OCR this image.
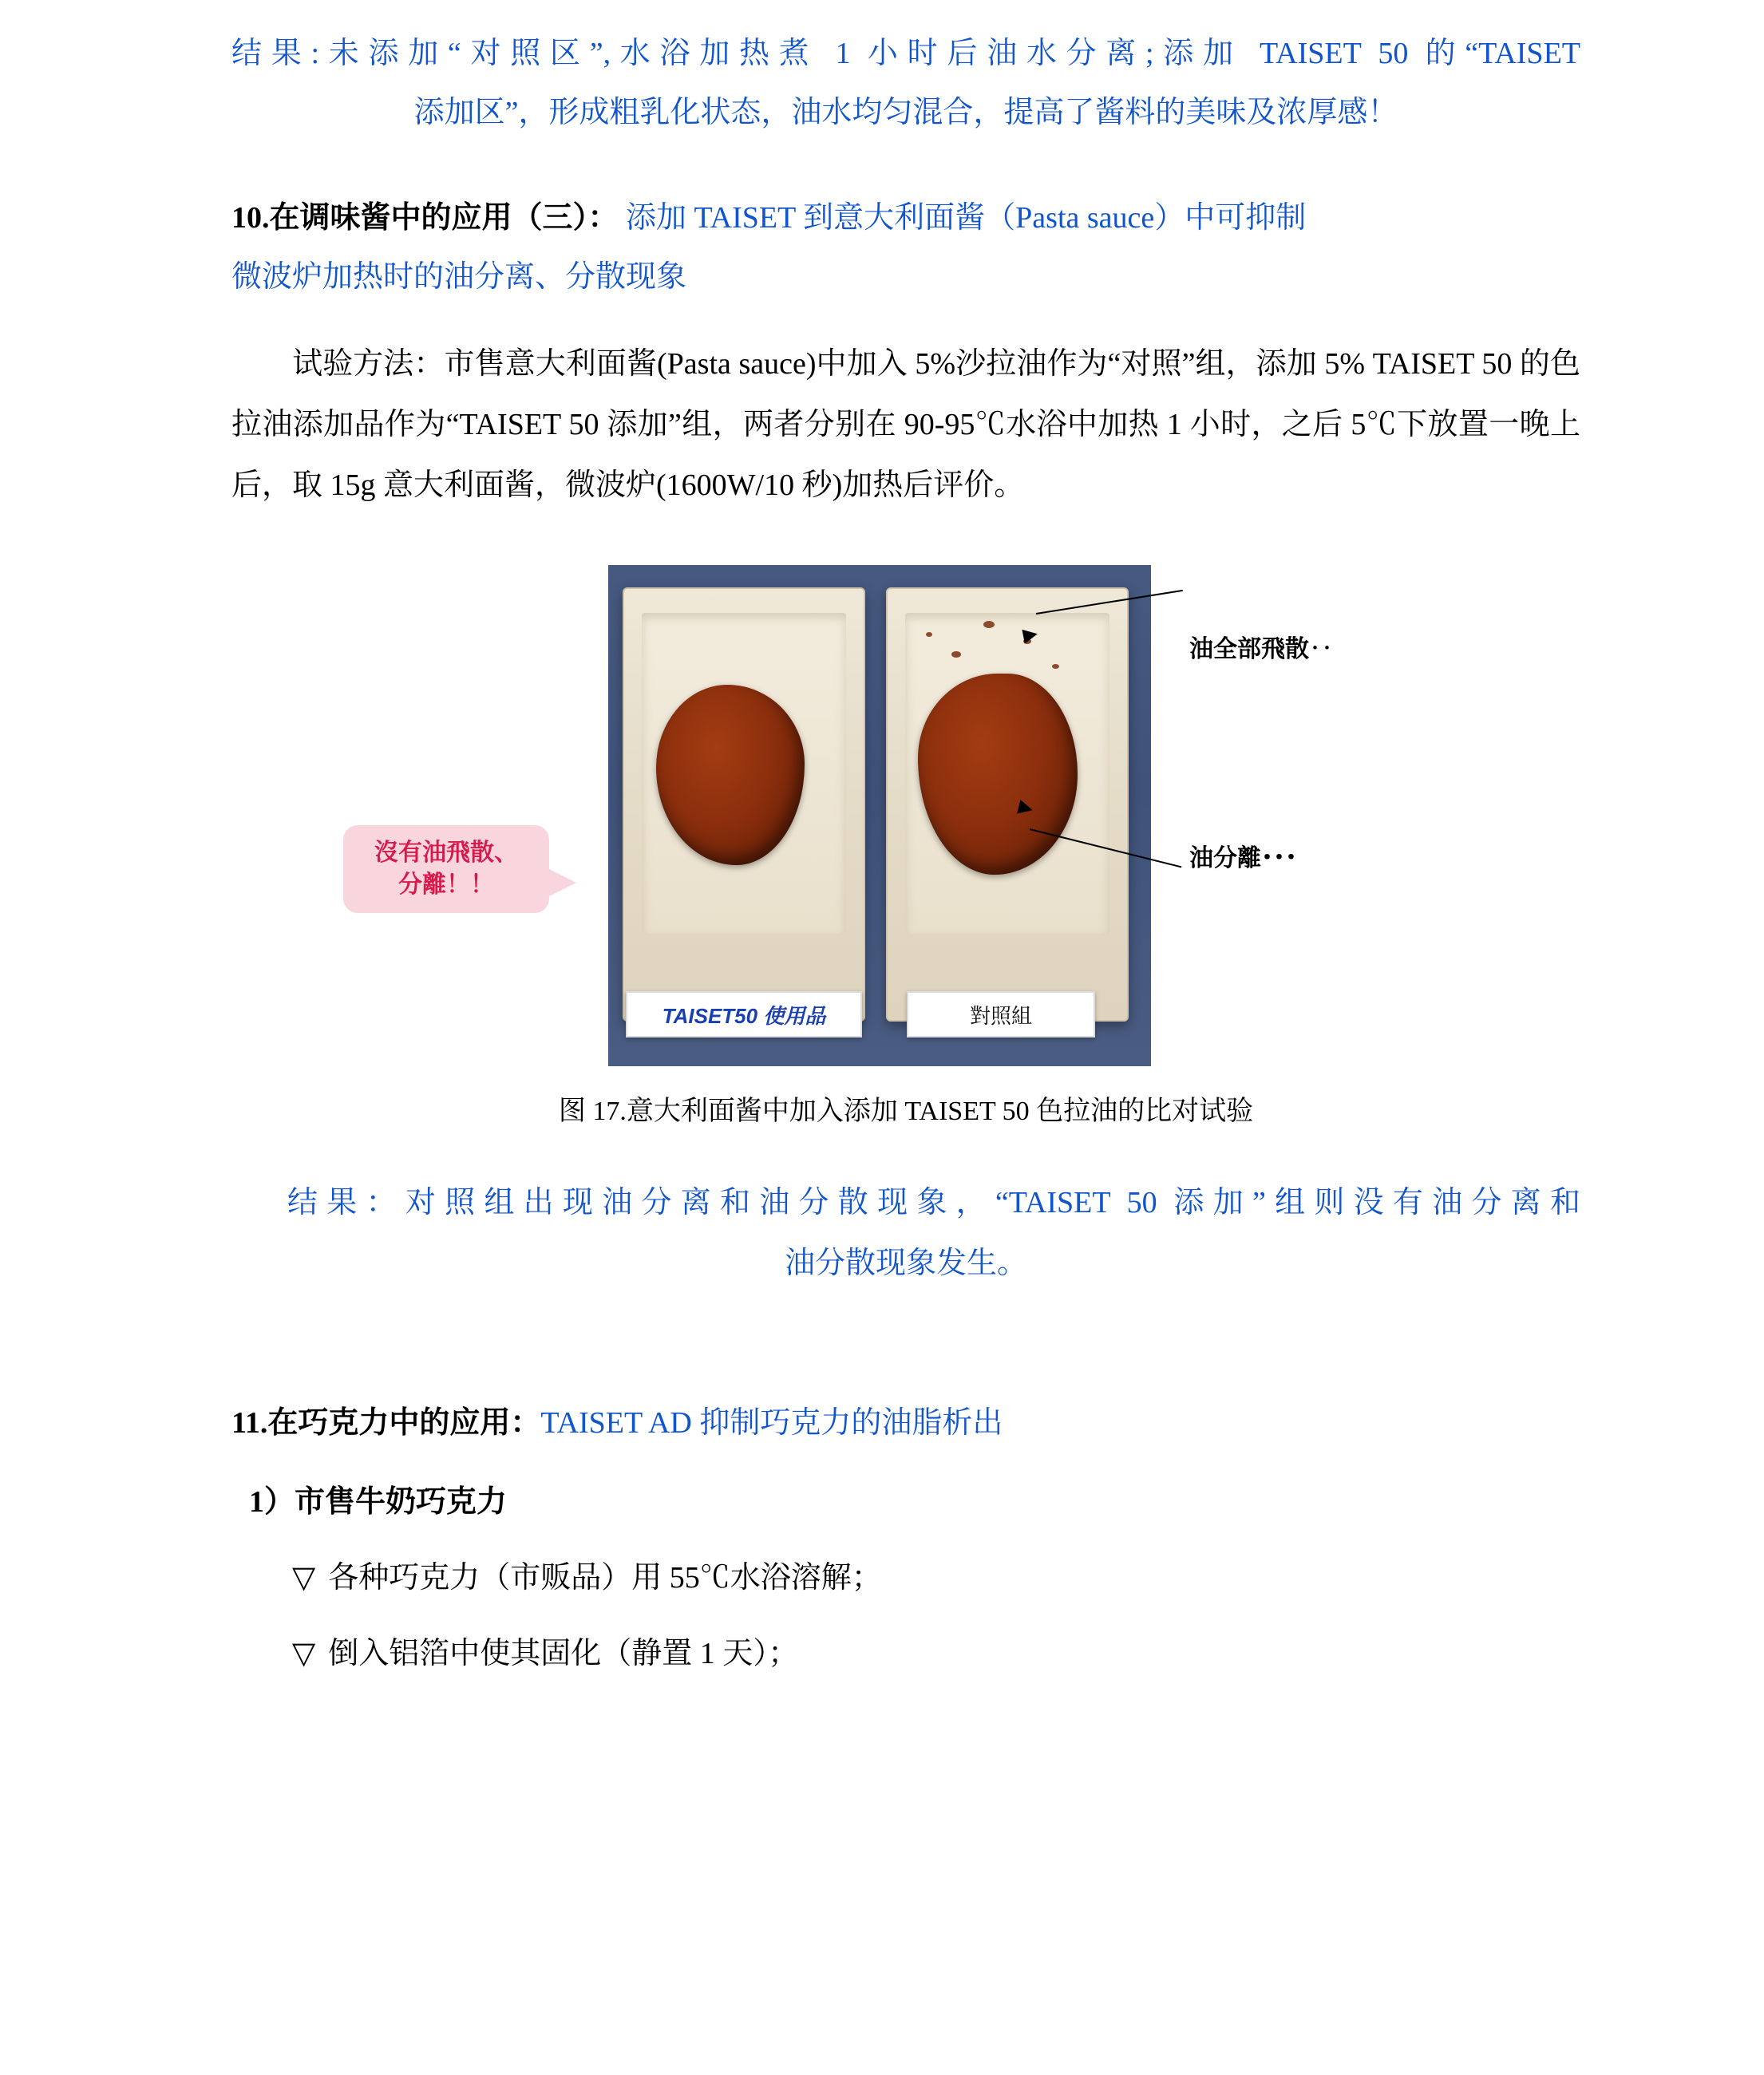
结果:未添加“对照区”,水浴加热煮 1 小时后油水分离;添加 TAISET 50 的“TAISET
添加区”，形成粗乳化状态，油水均匀混合，提高了酱料的美味及浓厚感！
10.在调味酱中的应用（三）： 添加 TAISET 到意大利面酱（Pasta sauce）中可抑制
微波炉加热时的油分离、分散现象
试验方法：市售意大利面酱(Pasta sauce)中加入 5%沙拉油作为“对照”组，添加 5% TAISET 50 的色拉油添加品作为“TAISET 50 添加”组，两者分别在 90-95℃水浴中加热 1 小时，之后 5℃下放置一晚上后，取 15g 意大利面酱，微波炉(1600W/10 秒)加热后评价。
沒有油飛散、
分離！！
TAISET50 使用品	對照組
油全部飛散‥
油分離･･･
图 17.意大利面酱中加入添加 TAISET 50 色拉油的比对试验
结果：对照组出现油分离和油分散现象，“TAISET 50 添加”组则没有油分离和
油分散现象发生。
11.在巧克力中的应用：TAISET AD 抑制巧克力的油脂析出
1）市售牛奶巧克力
▽ 各种巧克力（市贩品）用 55℃水浴溶解；
▽ 倒入铝箔中使其固化（静置 1 天）；
